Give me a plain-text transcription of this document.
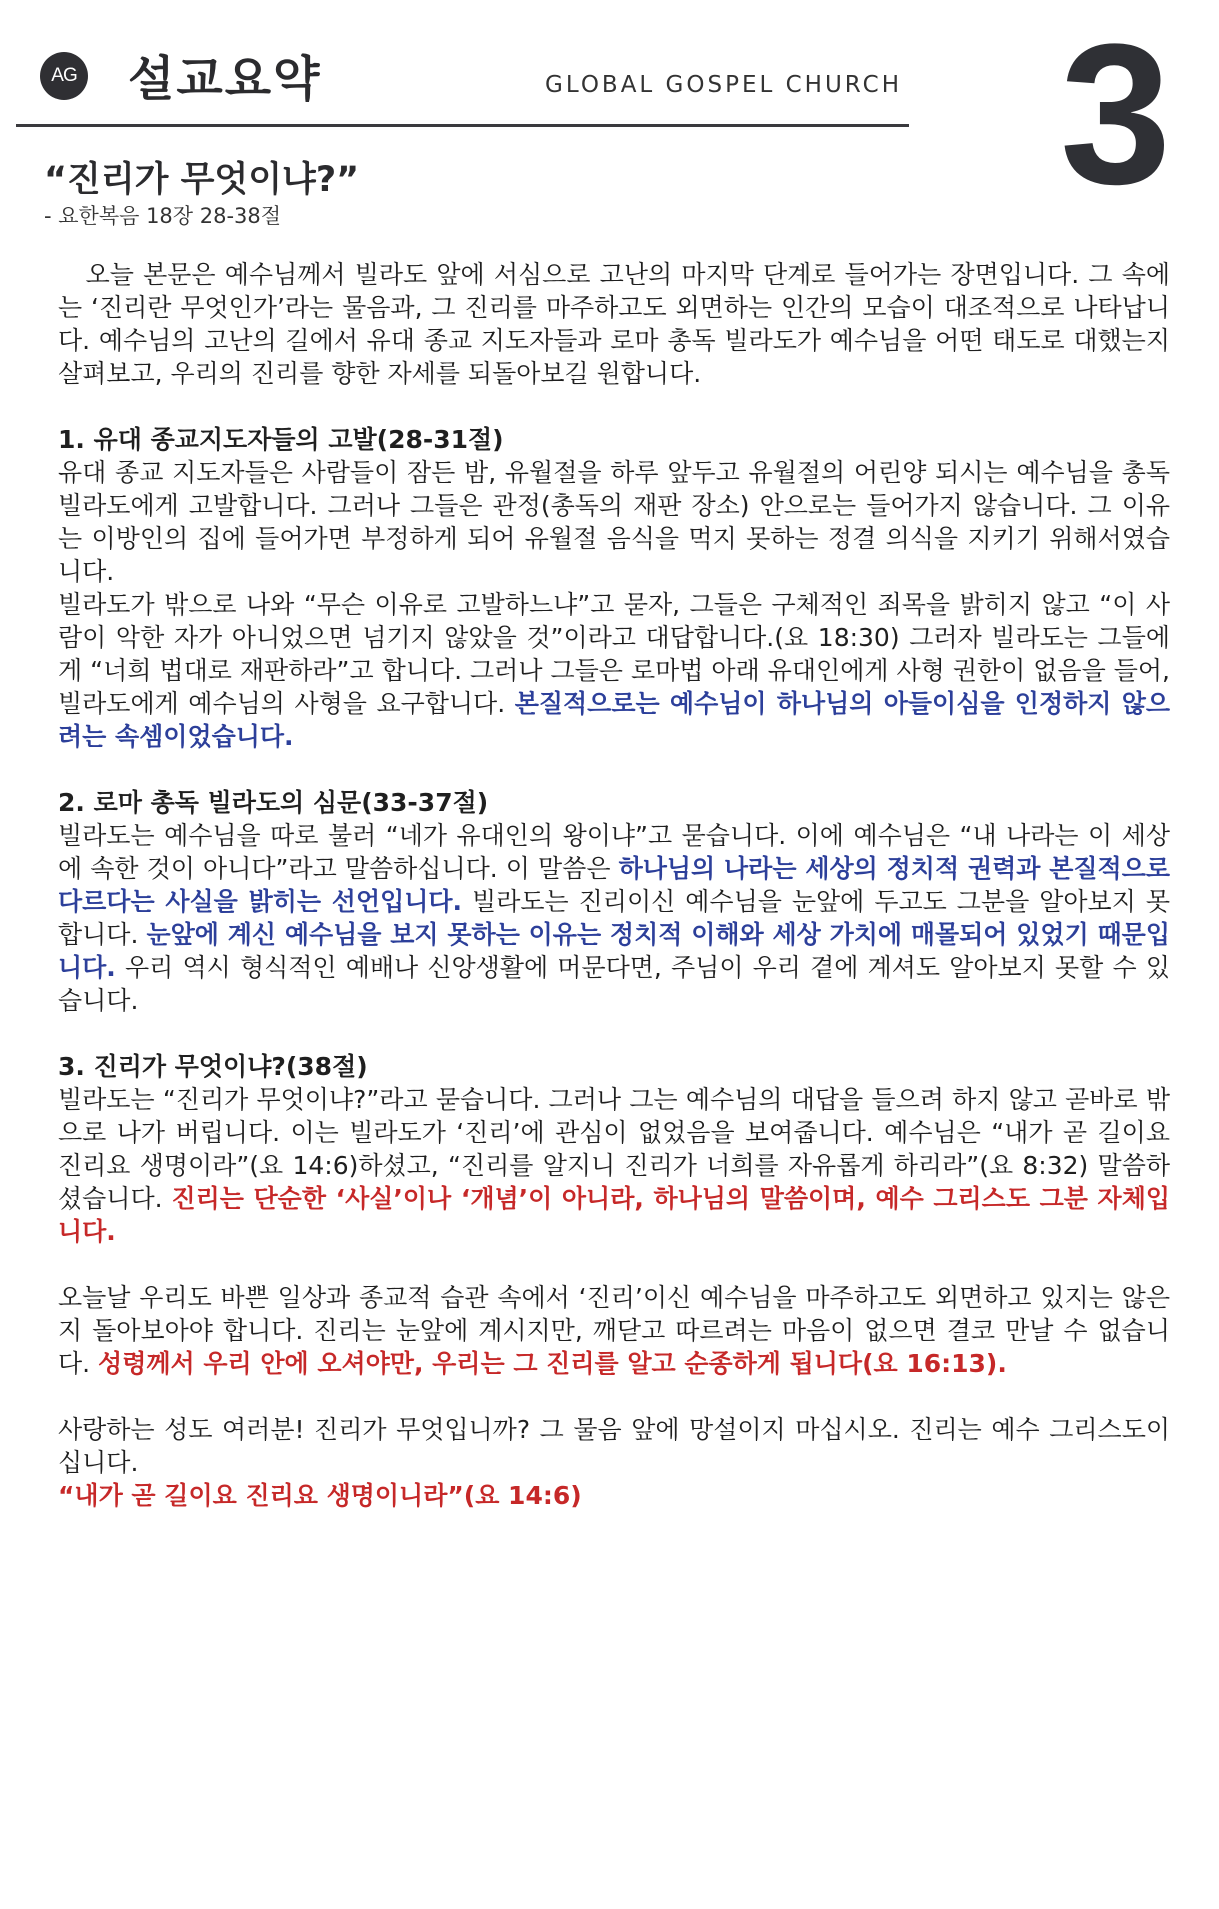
AG 설교요약	GLOBAL GOSPEL CHURCH 3
“진리가 무엇이냐?”
- 요한복음 18장 28-38절

오늘 본문은 예수님께서 빌라도 앞에 서심으로 고난의 마지막 단계로 들어가는 장면입니다. 그 속에는 ‘진리란 무엇인가’라는 물음과, 그 진리를 마주하고도 외면하는 인간의 모습이 대조적으로 나타납니다. 예수님의 고난의 길에서 유대 종교 지도자들과 로마 총독 빌라도가 예수님을 어떤 태도로 대했는지 살펴보고, 우리의 진리를 향한 자세를 되돌아보길 원합니다.

1. 유대 종교지도자들의 고발(28-31절)

유대 종교 지도자들은 사람들이 잠든 밤, 유월절을 하루 앞두고 유월절의 어린양 되시는 예수님을 총독 빌라도에게 고발합니다. 그러나 그들은 관정(총독의 재판 장소) 안으로는 들어가지 않습니다. 그 이유는 이방인의 집에 들어가면 부정하게 되어 유월절 음식을 먹지 못하는 정결 의식을 지키기 위해서였습니다.

빌라도가 밖으로 나와 “무슨 이유로 고발하느냐”고 묻자, 그들은 구체적인 죄목을 밝히지 않고 “이 사람이 악한 자가 아니었으면 넘기지 않았을 것”이라고 대답합니다.(요 18:30) 그러자 빌라도는 그들에게 “너희 법대로 재판하라”고 합니다. 그러나 그들은 로마법 아래 유대인에게 사형 권한이 없음을 들어, 빌라도에게 예수님의 사형을 요구합니다. 본질적으로는 예수님이 하나님의 아들이심을 인정하지 않으려는 속셈이었습니다.

2. 로마 총독 빌라도의 심문(33-37절)

빌라도는 예수님을 따로 불러 “네가 유대인의 왕이냐”고 묻습니다. 이에 예수님은 “내 나라는 이 세상에 속한 것이 아니다”라고 말씀하십니다. 이 말씀은 하나님의 나라는 세상의 정치적 권력과 본질적으로 다르다는 사실을 밝히는 선언입니다. 빌라도는 진리이신 예수님을 눈앞에 두고도 그분을 알아보지 못합니다. 눈앞에 계신 예수님을 보지 못하는 이유는 정치적 이해와 세상 가치에 매몰되어 있었기 때문입니다. 우리 역시 형식적인 예배나 신앙생활에 머문다면, 주님이 우리 곁에 계셔도 알아보지 못할 수 있습니다.

3. 진리가 무엇이냐?(38절)

빌라도는 “진리가 무엇이냐?”라고 묻습니다. 그러나 그는 예수님의 대답을 들으려 하지 않고 곧바로 밖으로 나가 버립니다. 이는 빌라도가 ‘진리’에 관심이 없었음을 보여줍니다. 예수님은 “내가 곧 길이요 진리요 생명이라”(요 14:6)하셨고, “진리를 알지니 진리가 너희를 자유롭게 하리라”(요 8:32) 말씀하셨습니다. 진리는 단순한 ‘사실’이나 ‘개념’이 아니라, 하나님의 말씀이며, 예수 그리스도 그분 자체입니다.

오늘날 우리도 바쁜 일상과 종교적 습관 속에서 ‘진리’이신 예수님을 마주하고도 외면하고 있지는 않은지 돌아보아야 합니다. 진리는 눈앞에 계시지만, 깨닫고 따르려는 마음이 없으면 결코 만날 수 없습니다. 성령께서 우리 안에 오셔야만, 우리는 그 진리를 알고 순종하게 됩니다(요 16:13).

사랑하는 성도 여러분! 진리가 무엇입니까? 그 물음 앞에 망설이지 마십시오. 진리는 예수 그리스도이십니다.

“내가 곧 길이요 진리요 생명이니라”(요 14:6)
